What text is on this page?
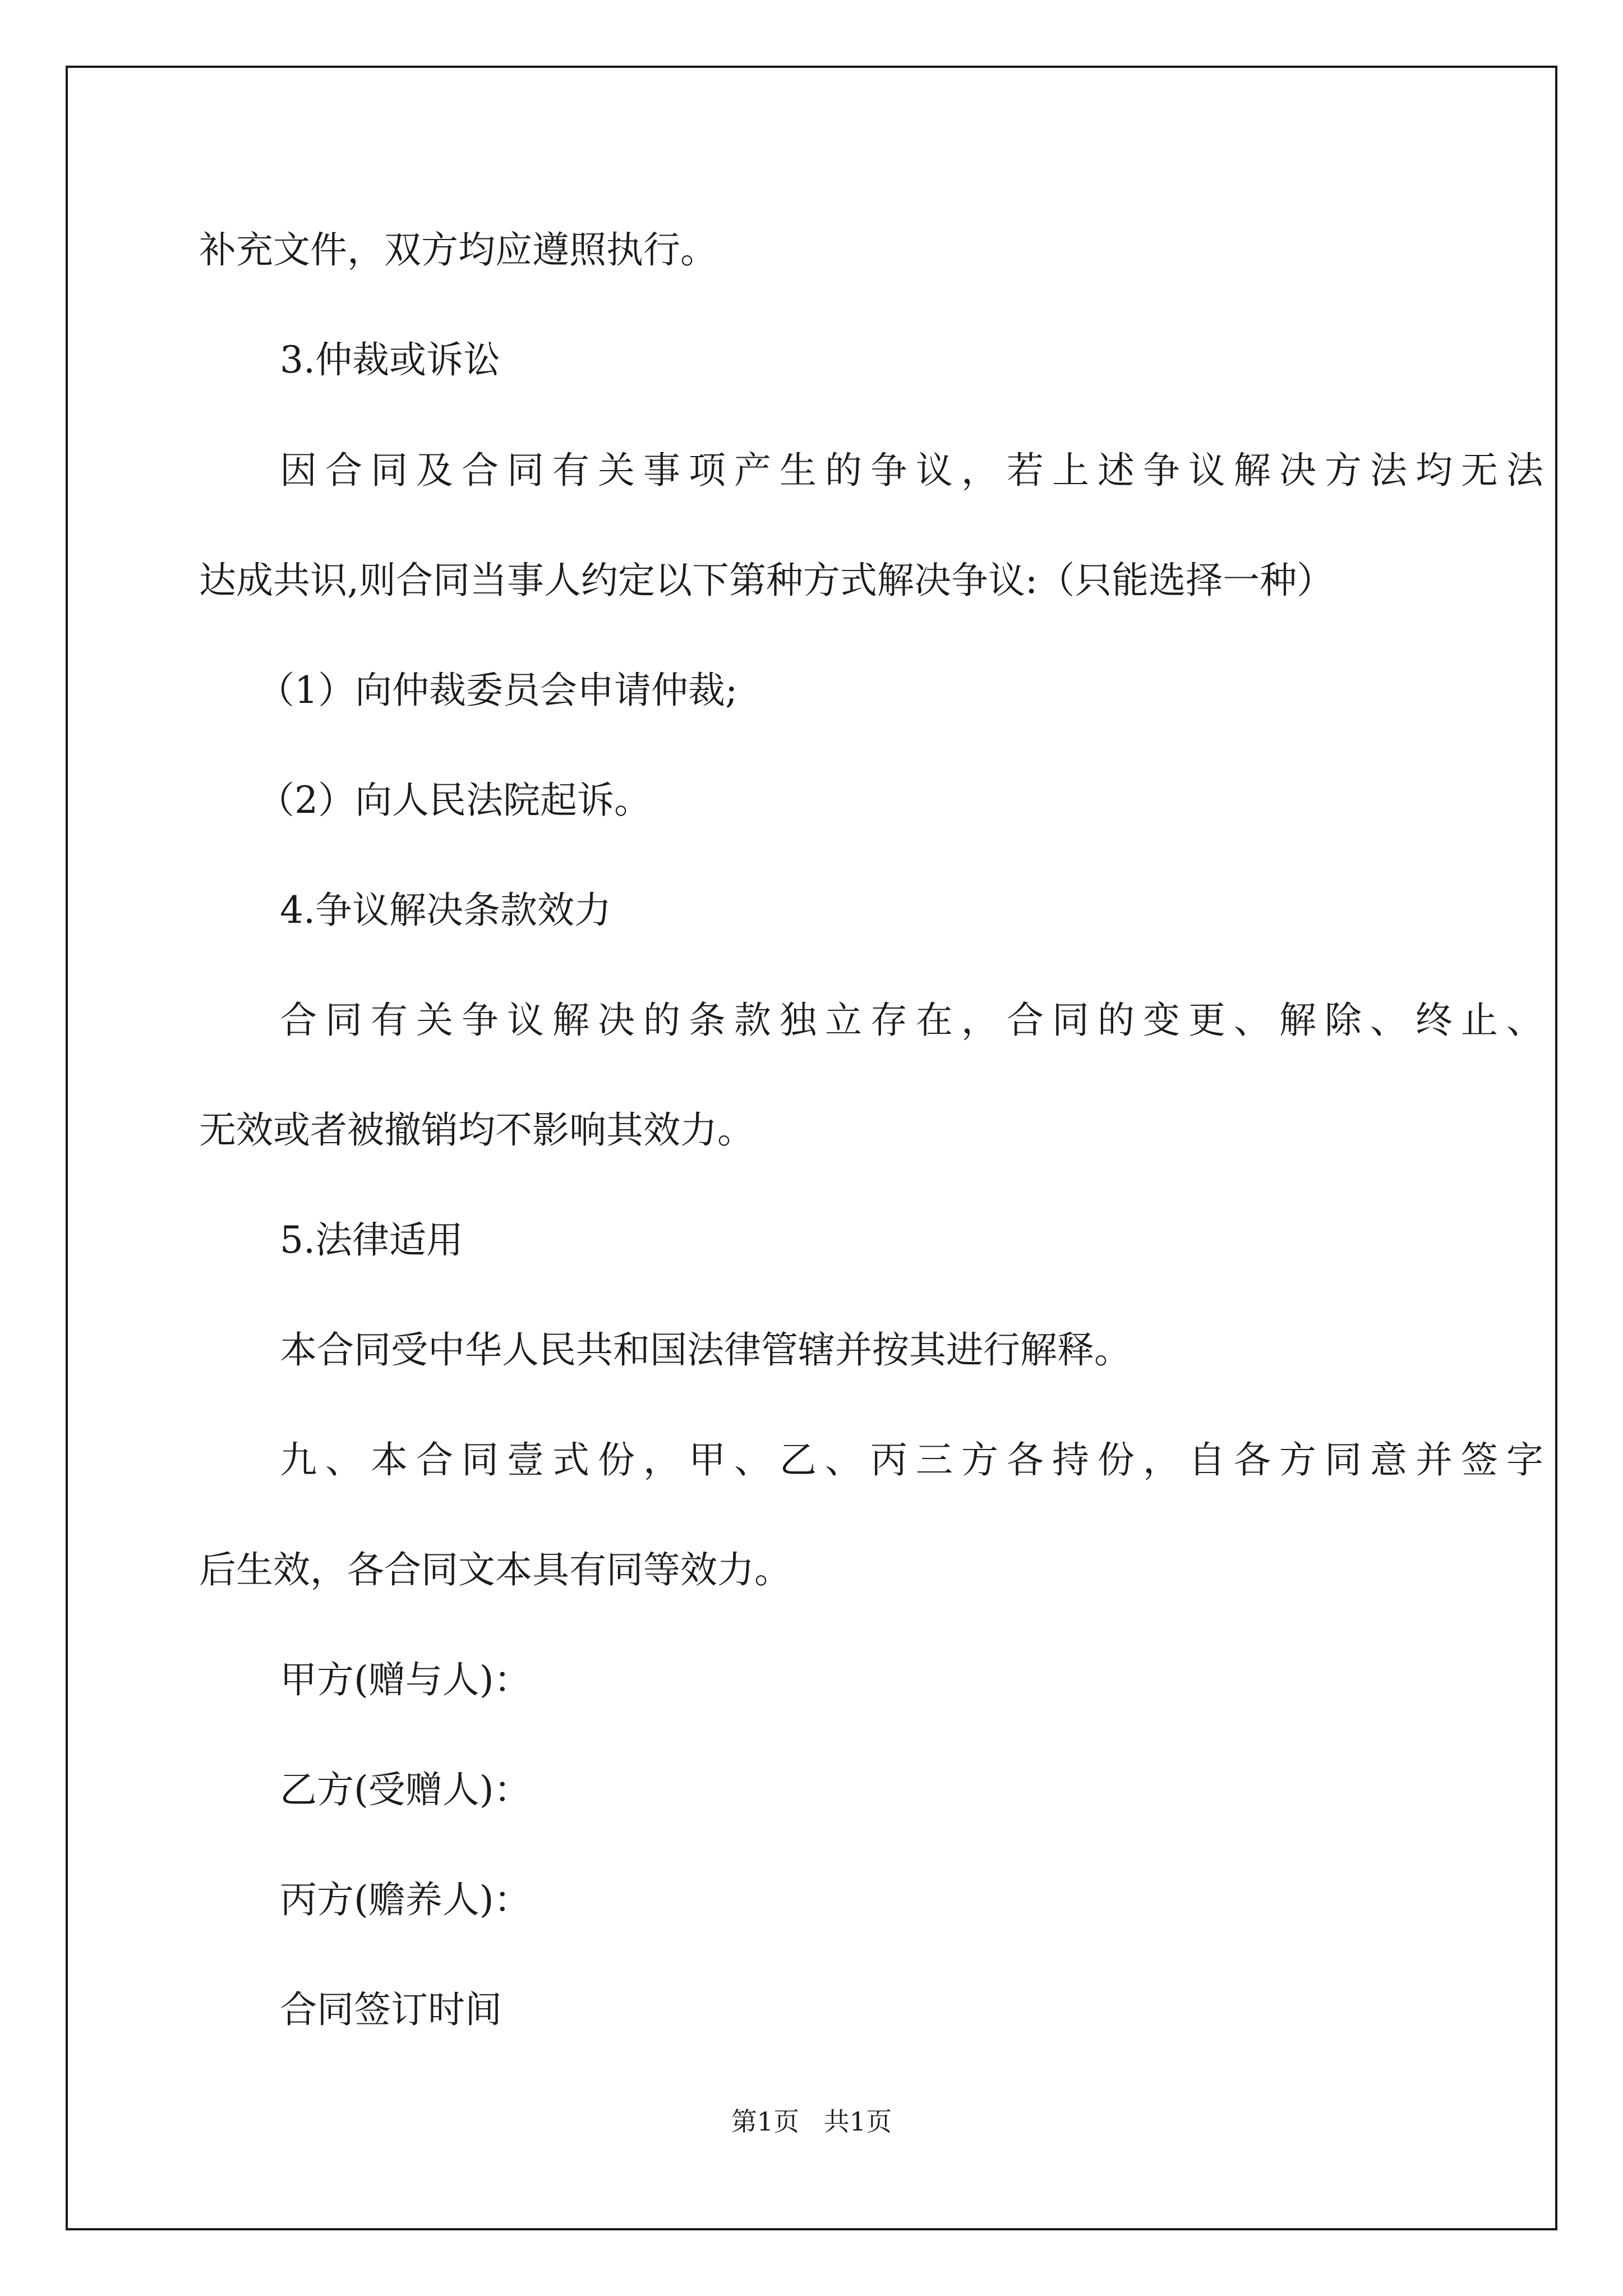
补充文件，双方均应遵照执行。
3.仲裁或诉讼
因合同及合同有关事项产生的争议，若上述争议解决方法均无法
达成共识,则合同当事人约定以下第种方式解决争议:（只能选择一种）
（1）向仲裁委员会申请仲裁;
（2）向人民法院起诉。
4.争议解决条款效力
合同有关争议解决的条款独立存在，合同的变更、解除、终止、
无效或者被撤销均不影响其效力。
5.法律适用
本合同受中华人民共和国法律管辖并按其进行解释。
九、本合同壹式份，甲、乙、丙三方各持份，自各方同意并签字
后生效，各合同文本具有同等效力。
甲方(赠与人)：
乙方(受赠人)：
丙方(赡养人)：
合同签订时间
第1页   共1页
